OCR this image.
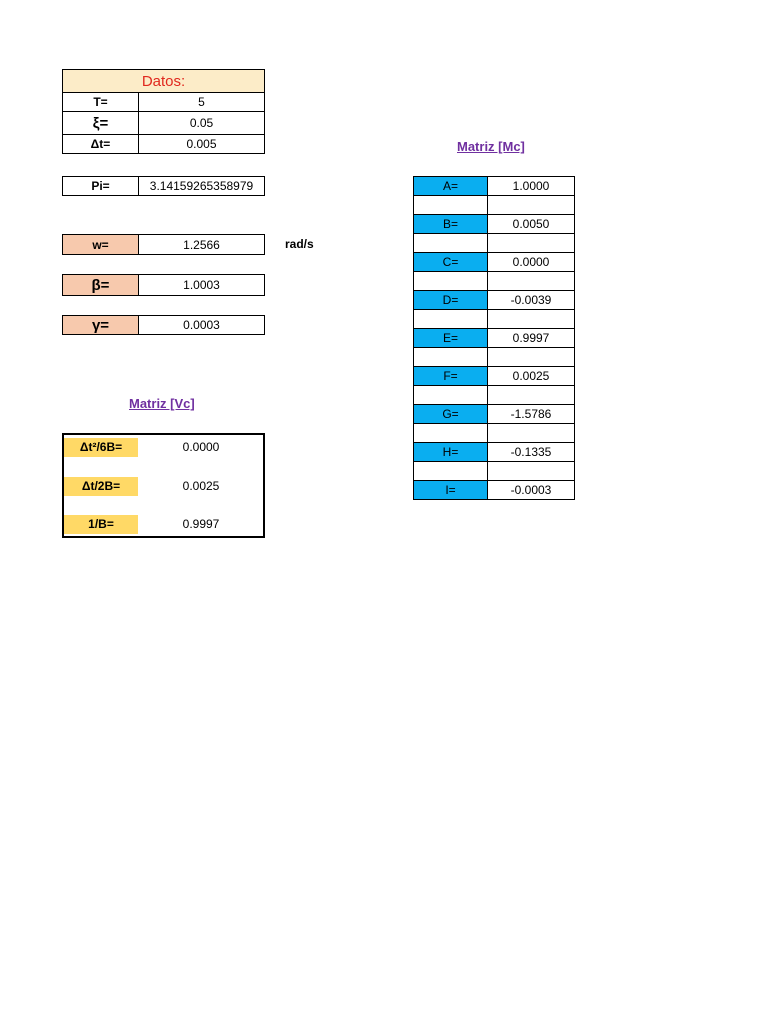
Datos:	
T=	5
ξ=	0.05
Δt=	0.005
Pi=	3.14159265358979
w=	1.2566	rad/s
β=	1.0003
γ=	0.0003
Matriz [Vc]
Δt²/6B=	0.0000
Δt/2B=	0.0025
1/B=	0.9997
Matriz [Mc]
A=	1.0000

B=	0.0050

C=	0.0000

D=	-0.0039

E=	0.9997

F=	0.0025

G=	-1.5786

H=	-0.1335

I=	-0.0003
